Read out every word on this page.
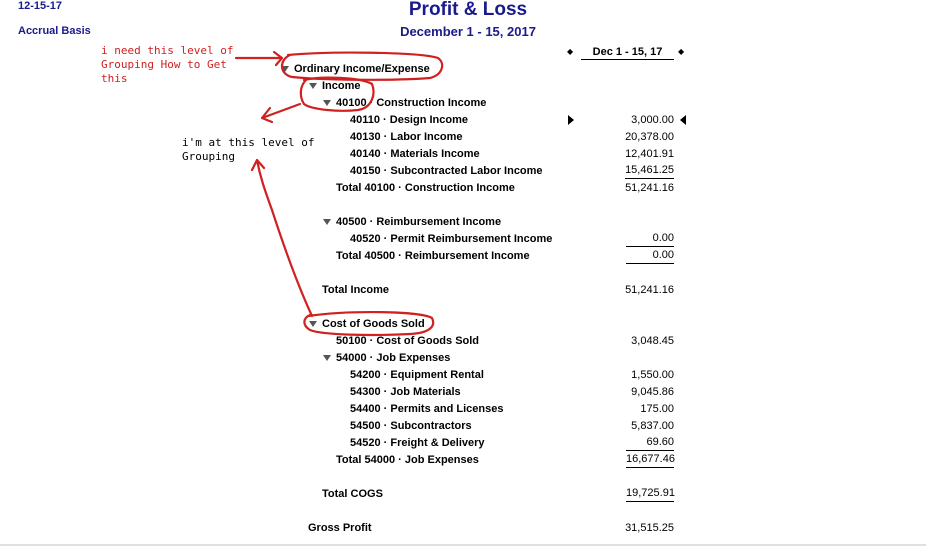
12-15-17
Accrual Basis
Profit & Loss
December 1 - 15, 2017
◆	Dec 1 - 15, 17	◆
Ordinary Income/Expense
Income
40100 · Construction Income
40110 · Design Income	3,000.00
40130 · Labor Income	20,378.00
40140 · Materials Income	12,401.91
40150 · Subcontracted Labor Income	15,461.25
Total 40100 · Construction Income	51,241.16
40500 · Reimbursement Income
40520 · Permit Reimbursement Income	0.00
Total 40500 · Reimbursement Income	0.00
Total Income	51,241.16
Cost of Goods Sold
50100 · Cost of Goods Sold	3,048.45
54000 · Job Expenses
54200 · Equipment Rental	1,550.00
54300 · Job Materials	9,045.86
54400 · Permits and Licenses	175.00
54500 · Subcontractors	5,837.00
54520 · Freight & Delivery	69.60
Total 54000 · Job Expenses	16,677.46
Total COGS	19,725.91
Gross Profit	31,515.25
i need this level of
Grouping How to Get
this
i'm at this level of
Grouping
